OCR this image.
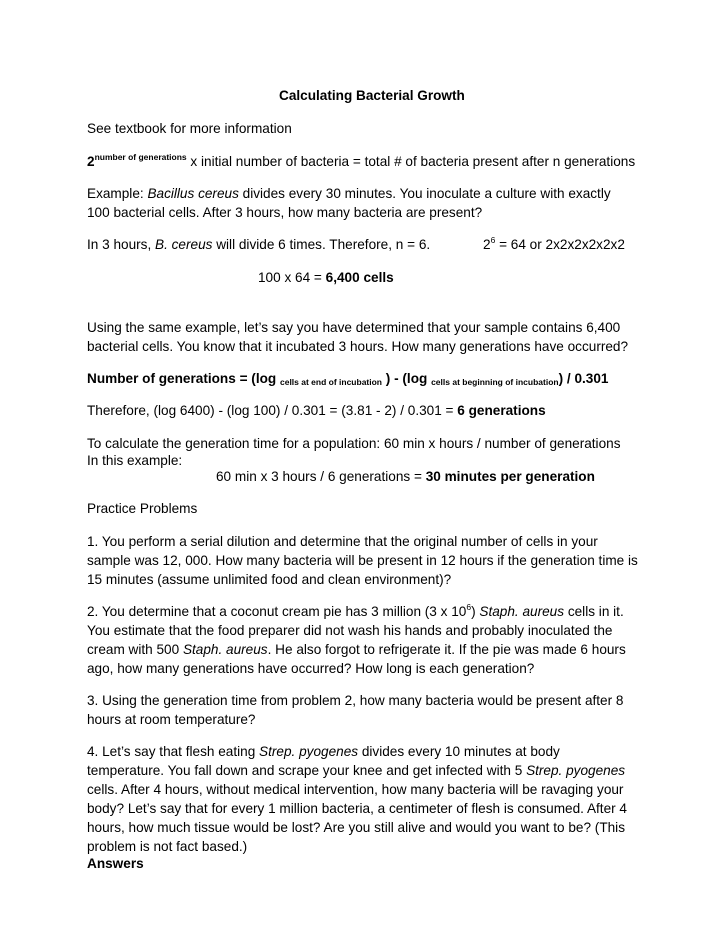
Calculating Bacterial Growth
See textbook for more information
$2^{number of generations}$ x initial number of bacteria = total # of bacteria present after n generations
Example: Bacillus cereus divides every 30 minutes. You inoculate a culture with exactly
100 bacterial cells. After 3 hours, how many bacteria are present?
In 3 hours, B. cereus will divide 6 times. Therefore, n = 6.	$2^6 = 64$ or 2x2x2x2x2x2
100 x 64 = 6,400 cells
Using the same example, let’s say you have determined that your sample contains 6,400
bacterial cells. You know that it incubated 3 hours. How many generations have occurred?
Number of generations = (log $_{cells at end of incubation}$ ) - (log $_{cells at beginning of incubation}$) / 0.301
Therefore, (log 6400) - (log 100) / 0.301 = (3.81 - 2) / 0.301 = 6 generations
To calculate the generation time for a population: 60 min x hours / number of generations
In this example:
60 min x 3 hours / 6 generations = 30 minutes per generation
Practice Problems
1. You perform a serial dilution and determine that the original number of cells in your
sample was 12, 000. How many bacteria will be present in 12 hours if the generation time is
15 minutes (assume unlimited food and clean environment)?
2. You determine that a coconut cream pie has 3 million (3 x $10^6$) Staph. aureus cells in it.
You estimate that the food preparer did not wash his hands and probably inoculated the
cream with 500 Staph. aureus. He also forgot to refrigerate it. If the pie was made 6 hours
ago, how many generations have occurred? How long is each generation?
3. Using the generation time from problem 2, how many bacteria would be present after 8
hours at room temperature?
4. Let’s say that flesh eating Strep. pyogenes divides every 10 minutes at body
temperature. You fall down and scrape your knee and get infected with 5 Strep. pyogenes
cells. After 4 hours, without medical intervention, how many bacteria will be ravaging your
body? Let’s say that for every 1 million bacteria, a centimeter of flesh is consumed. After 4
hours, how much tissue would be lost? Are you still alive and would you want to be? (This
problem is not fact based.)
Answers
